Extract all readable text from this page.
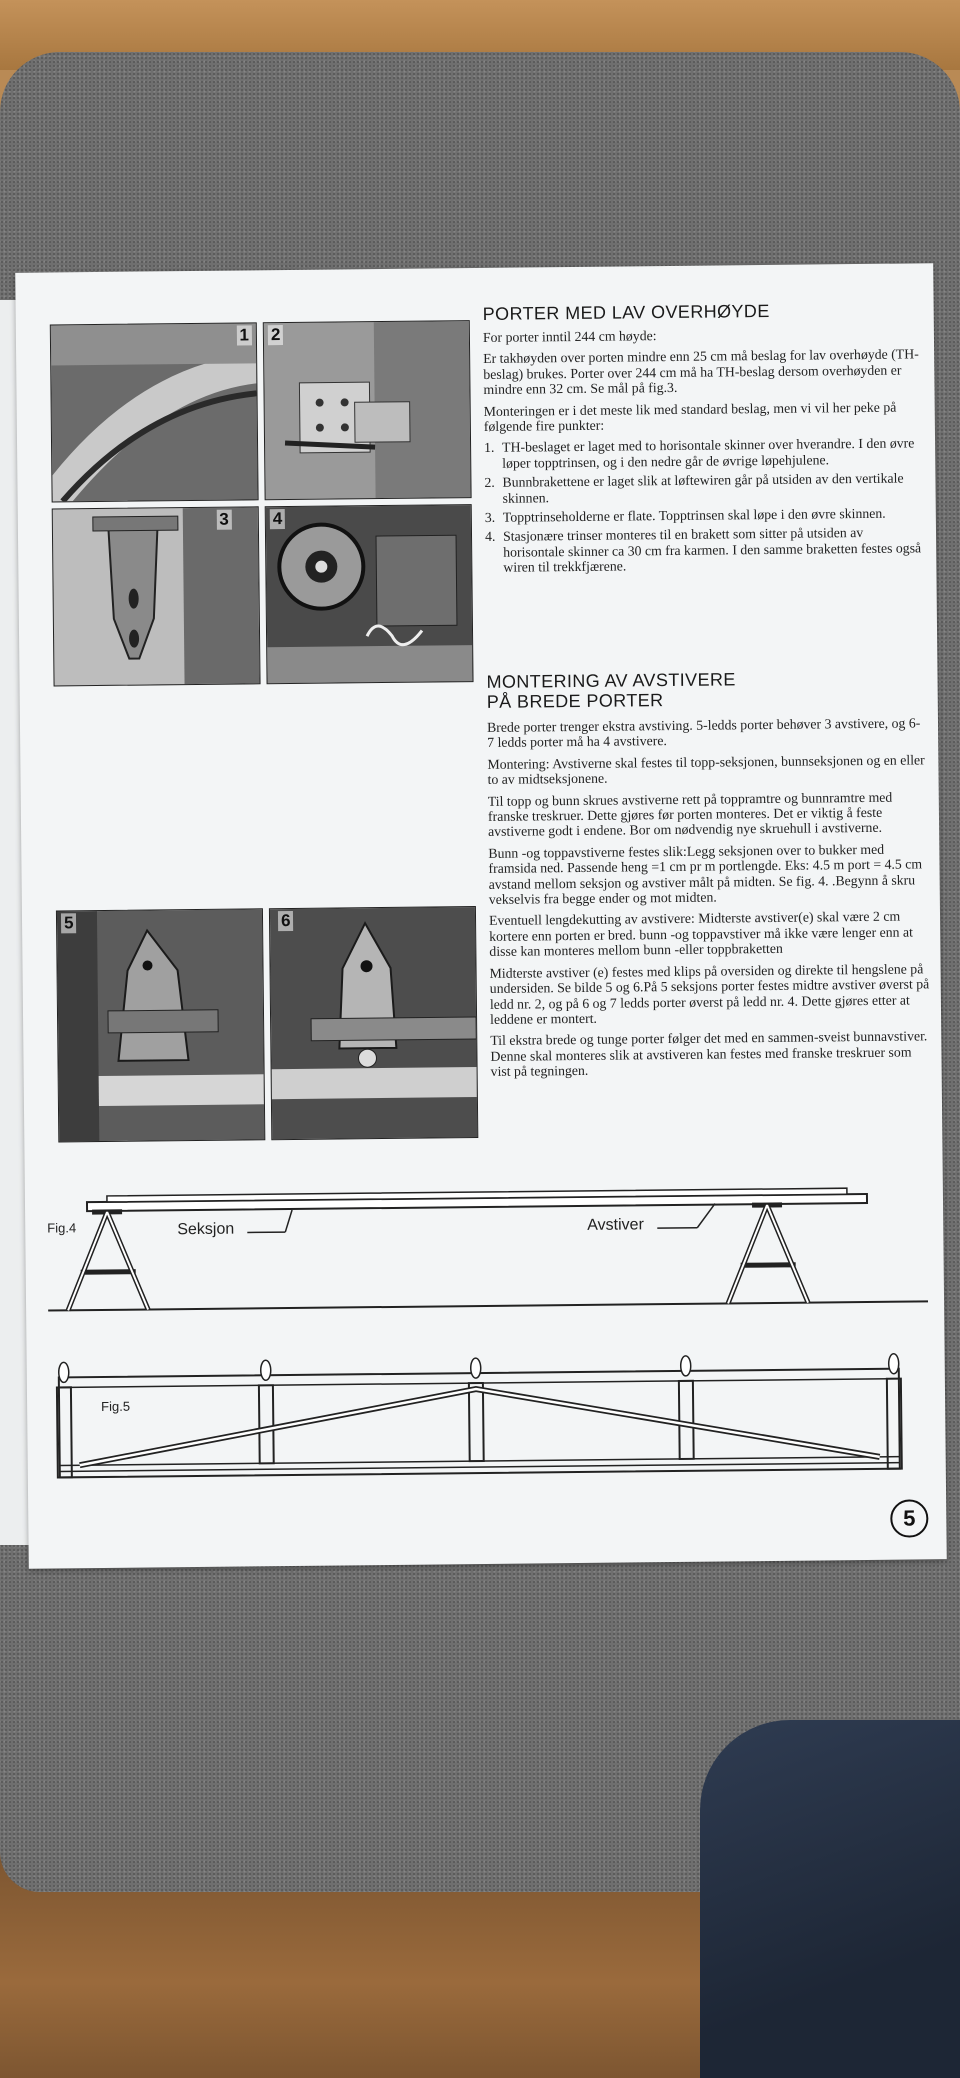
1 2
3	4
5	6
PORTER MED LAV OVERHØYDE
For porter inntil 244 cm høyde:
Er takhøyden over porten mindre enn 25 cm må beslag for lav overhøyde (TH-beslag) brukes. Porter over 244 cm må ha TH-beslag dersom overhøyden er mindre enn 32 cm. Se mål på fig.3.
Monteringen er i det meste lik med standard beslag, men vi vil her peke på følgende fire punkter:
1. TH-beslaget er laget med to horisontale skinner over hverandre. I den øvre løper topptrinsen, og i den nedre går de øvrige løpehjulene.
2. Bunnbrakettene er laget slik at løftewiren går på utsiden av den vertikale skinnen.
3. Topptrinseholderne er flate. Topptrinsen skal løpe i den øvre skinnen.
4. Stasjonære trinser monteres til en brakett som sitter på utsiden av horisontale skinner ca 30 cm fra karmen. I den samme braketten festes også wiren til trekkfjærene.
MONTERING AV AVSTIVERE
PÅ BREDE PORTER
Brede porter trenger ekstra avstiving. 5-ledds porter behøver 3 avstivere, og 6-7 ledds porter må ha 4 avstivere.
Montering: Avstiverne skal festes til topp-seksjonen, bunnseksjonen og en eller to av midtseksjonene.
Til topp og bunn skrues avstiverne rett på toppramtre og bunnramtre med franske treskruer. Dette gjøres før porten monteres. Det er viktig å feste avstiverne godt i endene. Bor om nødvendig nye skruehull i avstiverne.
Bunn -og toppavstiverne festes slik:Legg seksjonen over to bukker med framsida ned. Passende heng =1 cm pr m portlengde. Eks: 4.5 m port = 4.5 cm avstand mellom seksjon og avstiver målt på midten. Se fig. 4. .Begynn å skru vekselvis fra begge ender og mot midten.
Eventuell lengdekutting av avstivere: Midterste avstiver(e) skal være 2 cm kortere enn porten er bred. bunn -og toppavstiver må ikke være lenger enn at disse kan monteres mellom bunn -eller toppbraketten
Midterste avstiver (e) festes med klips på oversiden og direkte til hengslene på undersiden. Se bilde 5 og 6.På 5 seksjons porter festes midtre avstiver øverst på ledd nr. 2, og på 6 og 7 ledds porter øverst på ledd nr. 4. Dette gjøres etter at leddene er montert.
Til ekstra brede og tunge porter følger det med en sammen-sveist bunnavstiver. Denne skal monteres slik at avstiveren kan festes med franske treskruer som vist på tegningen.
Fig.4	Seksjon	Avstiver
Fig.5
5
